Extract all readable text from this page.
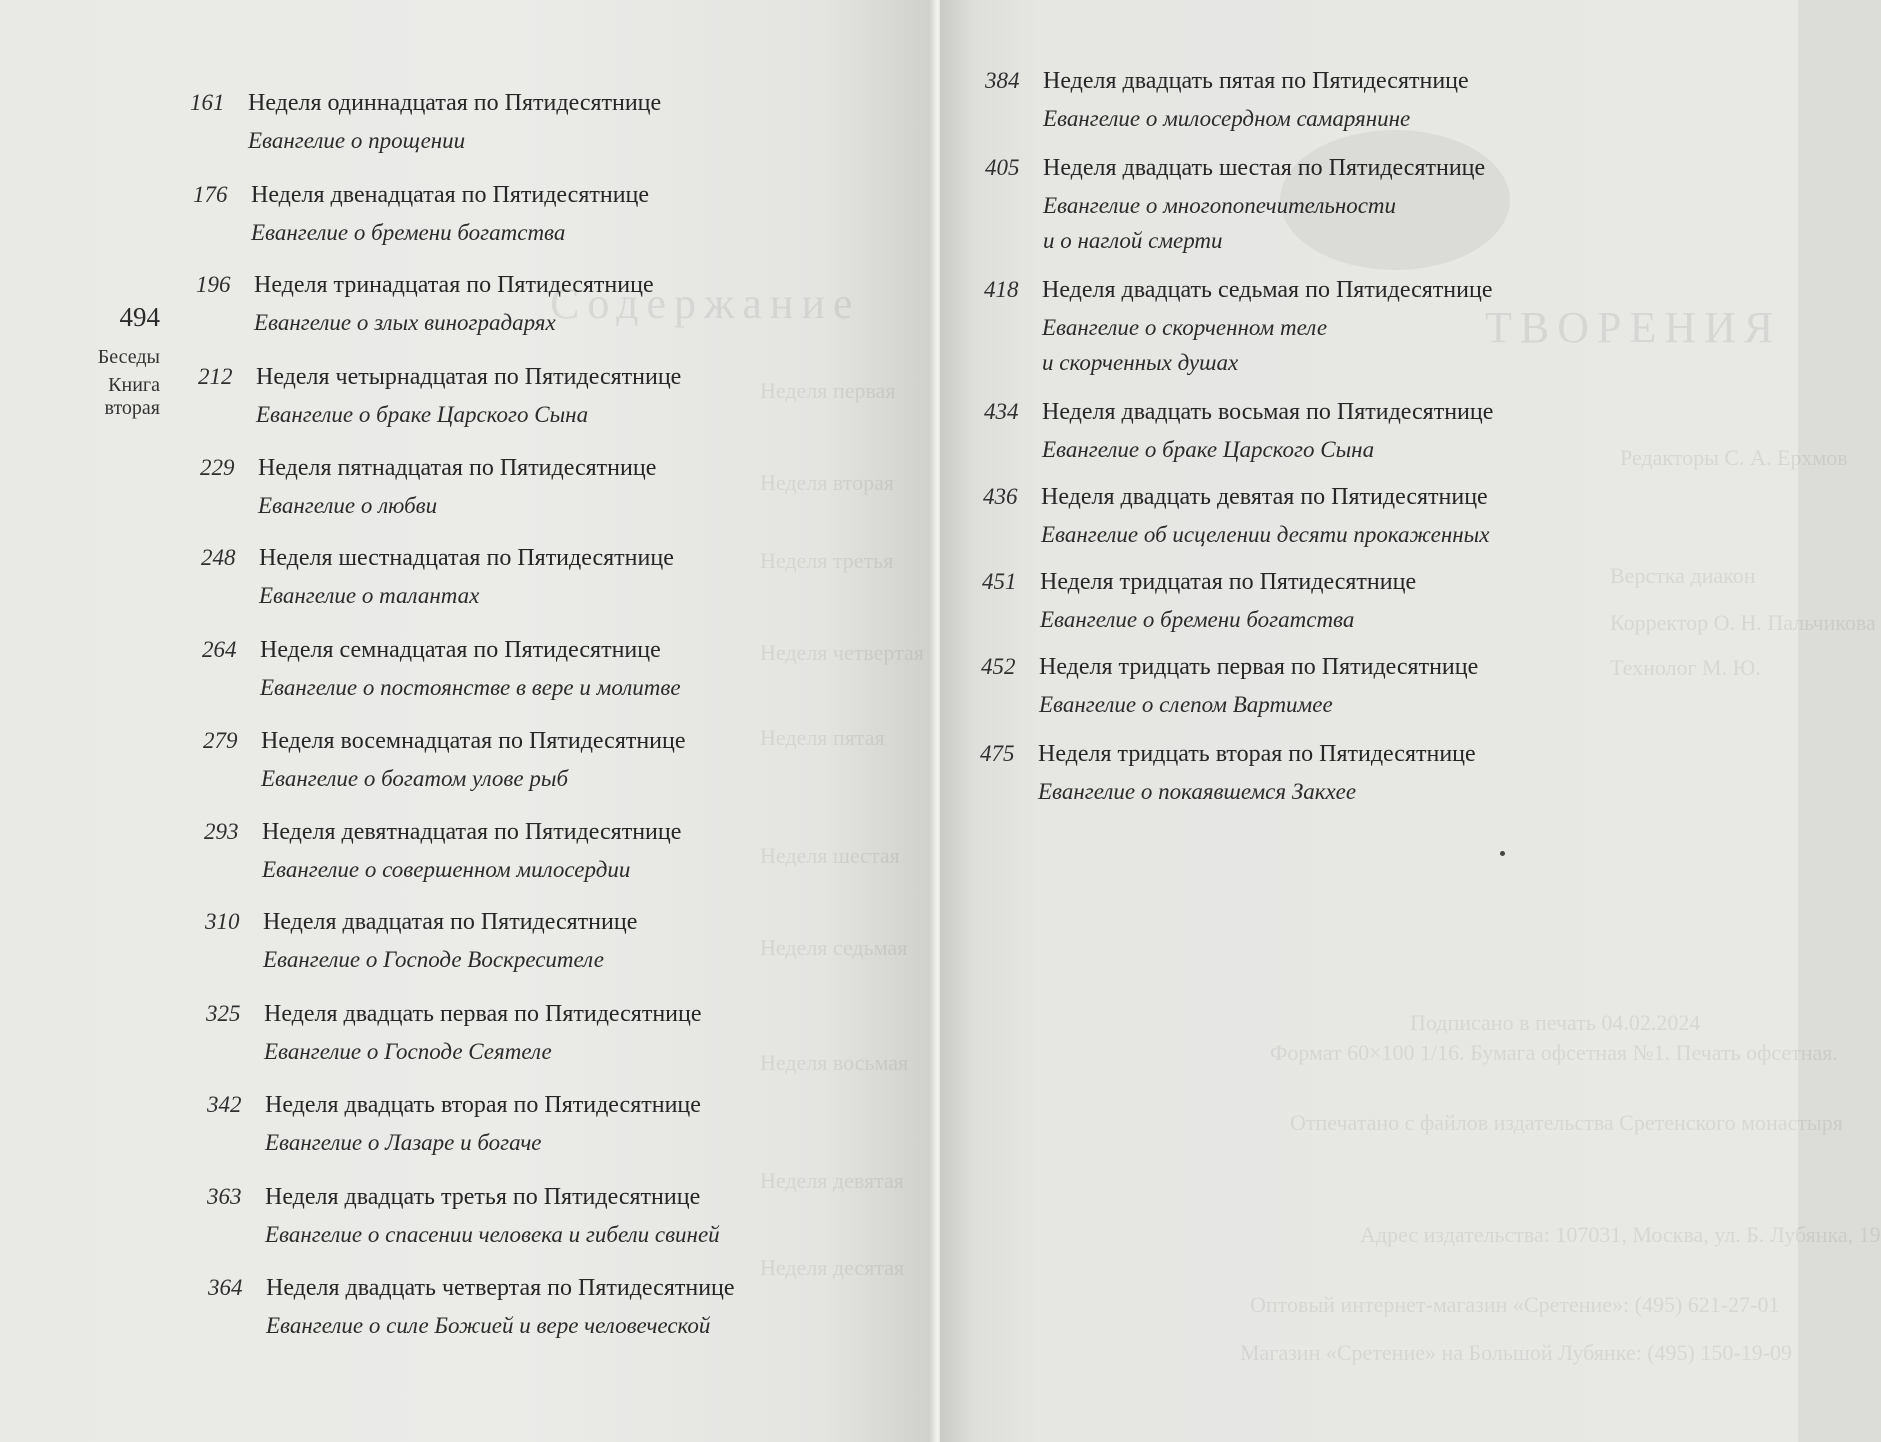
Содержание
Неделя первая
Неделя вторая
Неделя третья
Неделя четвертая
Неделя пятая
Неделя шестая
Неделя седьмая
Неделя восьмая
Неделя девятая
Неделя десятая
494
Беседы
Книга вторая
161 Неделя одиннадцатая по Пятидесятнице
Евангелие о прощении
176 Неделя двенадцатая по Пятидесятнице
Евангелие о бремени богатства
196 Неделя тринадцатая по Пятидесятнице
Евангелие о злых виноградарях
212 Неделя четырнадцатая по Пятидесятнице
Евангелие о браке Царского Сына
229 Неделя пятнадцатая по Пятидесятнице
Евангелие о любви
248 Неделя шестнадцатая по Пятидесятнице
Евангелие о талантах
264 Неделя семнадцатая по Пятидесятнице
Евангелие о постоянстве в вере и молитве
279 Неделя восемнадцатая по Пятидесятнице
Евангелие о богатом улове рыб
293 Неделя девятнадцатая по Пятидесятнице
Евангелие о совершенном милосердии
310 Неделя двадцатая по Пятидесятнице
Евангелие о Господе Воскресителе
325 Неделя двадцать первая по Пятидесятнице
Евангелие о Господе Сеятеле
342 Неделя двадцать вторая по Пятидесятнице
Евангелие о Лазаре и богаче
363 Неделя двадцать третья по Пятидесятнице
Евангелие о спасении человека и гибели свиней
364 Неделя двадцать четвертая по Пятидесятнице
Евангелие о силе Божией и вере человеческой
ТВОРЕНИЯ
Редакторы С. А. Ерхмов
Верстка диакон
Корректор О. Н. Пальчикова
Технолог М. Ю.
Подписано в печать 04.02.2024
Формат 60×100 1/16. Бумага офсетная №1. Печать офсетная.
Отпечатано с файлов издательства Сретенского монастыря
Адрес издательства: 107031, Москва, ул. Б. Лубянка, 19
Оптовый интернет-магазин «Сретение»: (495) 621-27-01
Магазин «Сретение» на Большой Лубянке: (495) 150-19-09
384 Неделя двадцать пятая по Пятидесятнице
Евангелие о милосердном самарянине
405 Неделя двадцать шестая по Пятидесятнице
Евангелие о многопопечительности
и о наглой смерти
418 Неделя двадцать седьмая по Пятидесятнице
Евангелие о скорченном теле
и скорченных душах
434 Неделя двадцать восьмая по Пятидесятнице
Евангелие о браке Царского Сына
436 Неделя двадцать девятая по Пятидесятнице
Евангелие об исцелении десяти прокаженных
451 Неделя тридцатая по Пятидесятнице
Евангелие о бремени богатства
452 Неделя тридцать первая по Пятидесятнице
Евангелие о слепом Вартимее
475 Неделя тридцать вторая по Пятидесятнице
Евангелие о покаявшемся Закхее
